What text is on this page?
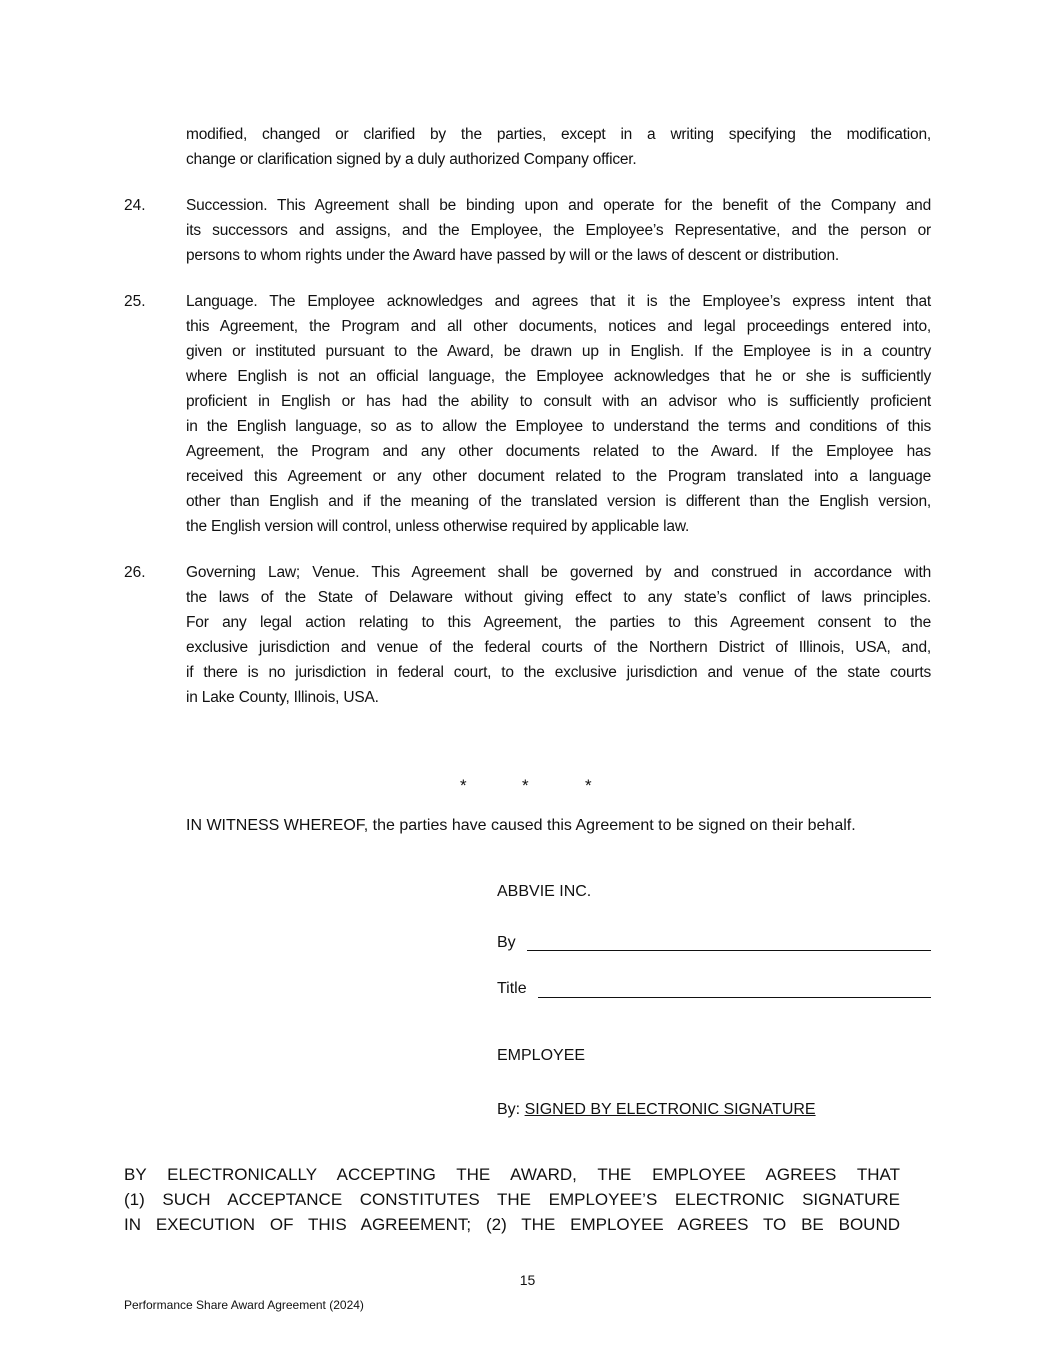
modified, changed or clarified by the parties, except in a writing specifying the modification,
change or clarification signed by a duly authorized Company officer.
*	*	*
IN WITNESS WHEREOF, the parties have caused this Agreement to be signed on their behalf.
ABBVIE INC.
By
Title
EMPLOYEE
By: SIGNED BY ELECTRONIC SIGNATURE
BY ELECTRONICALLY ACCEPTING THE AWARD, THE EMPLOYEE AGREES THAT
(1) SUCH ACCEPTANCE CONSTITUTES THE EMPLOYEE’S ELECTRONIC SIGNATURE
IN EXECUTION OF THIS AGREEMENT; (2) THE EMPLOYEE AGREES TO BE BOUND
15
Performance Share Award Agreement (2024)
24.	Succession. This Agreement shall be binding upon and operate for the benefit of the Company and
its successors and assigns, and the Employee, the Employee’s Representative, and the person or
persons to whom rights under the Award have passed by will or the laws of descent or distribution.
25.	Language. The Employee acknowledges and agrees that it is the Employee’s express intent that
this Agreement, the Program and all other documents, notices and legal proceedings entered into,
given or instituted pursuant to the Award, be drawn up in English. If the Employee is in a country
where English is not an official language, the Employee acknowledges that he or she is sufficiently
proficient in English or has had the ability to consult with an advisor who is sufficiently proficient
in the English language, so as to allow the Employee to understand the terms and conditions of this
Agreement, the Program and any other documents related to the Award. If the Employee has
received this Agreement or any other document related to the Program translated into a language
other than English and if the meaning of the translated version is different than the English version,
the English version will control, unless otherwise required by applicable law.
26.	Governing Law; Venue. This Agreement shall be governed by and construed in accordance with
the laws of the State of Delaware without giving effect to any state’s conflict of laws principles.
For any legal action relating to this Agreement, the parties to this Agreement consent to the
exclusive jurisdiction and venue of the federal courts of the Northern District of Illinois, USA, and,
if there is no jurisdiction in federal court, to the exclusive jurisdiction and venue of the state courts
in Lake County, Illinois, USA.
